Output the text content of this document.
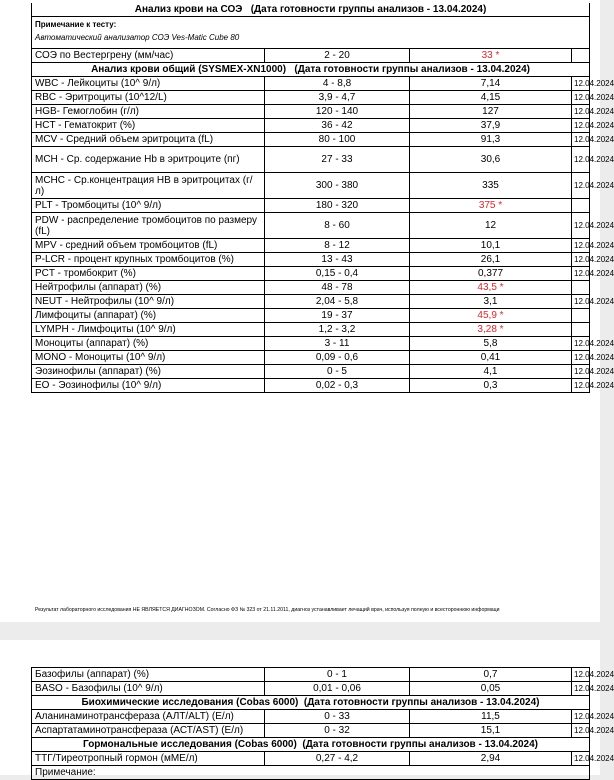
Анализ крови на СОЭ (Дата готовности группы анализов - 13.04.2024)			

Примечание к тесту:
Автоматический анализатор СОЭ Ves-Matic Cube 80			

СОЭ по Вестергрену (мм/час)	2 - 20	33 *	
Анализ крови общий (SYSMEX-XN1000) (Дата готовности группы анализов - 13.04.2024)			
WBC - Лейкоциты (10^ 9/л)	4 - 8,8	7,14	12.04.2024
RBC - Эритроциты (10^12/L)	3,9 - 4,7	4,15	12.04.2024
HGB- Гемоглобин (г/л)	120 - 140	127	12.04.2024
HCT - Гематокрит (%)	36 - 42	37,9	12.04.2024
MCV - Средний объем эритроцита (fL)	80 - 100	91,3	12.04.2024
MCH - Ср. содержание Hb в эритроците (пг)	27 - 33	30,6	12.04.2024
MCHC - Ср.концентрация HB в эритроцитах (г/л)	300 - 380	335	12.04.2024
PLT - Тромбоциты (10^ 9/л)	180 - 320	375 *	
PDW - распределение тромбоцитов по размеру (fL)	8 - 60	12	12.04.2024
MPV - средний объем тромбоцитов (fL)	8 - 12	10,1	12.04.2024
P-LCR - процент крупных тромбоцитов (%)	13 - 43	26,1	12.04.2024
PCT - тромбокрит (%)	0,15 - 0,4	0,377	12.04.2024
Нейтрофилы (аппарат) (%)	48 - 78	43,5 *	
NEUT - Нейтрофилы (10^ 9/л)	2,04 - 5,8	3,1	12.04.2024
Лимфоциты (аппарат) (%)	19 - 37	45,9 *	
LYMPH - Лимфоциты (10^ 9/л)	1,2 - 3,2	3,28 *	
Моноциты (аппарат) (%)	3 - 11	5,8	12.04.2024
MONO - Моноциты (10^ 9/л)	0,09 - 0,6	0,41	12.04.2024
Эозинофилы (аппарат) (%)	0 - 5	4,1	12.04.2024
EO - Эозинофилы (10^ 9/л)	0,02 - 0,3	0,3	12.04.2024
Результат лабораторного исследования НЕ ЯВЛЯЕТСЯ ДИАГНОЗОМ. Согласно ФЗ № 323 от 21.11.2011, диагноз устанавливает лечащий врач, используя полную и всестороннюю информаци
Базофилы (аппарат) (%)	0 - 1	0,7	12.04.2024
BASO - Базофилы (10^ 9/л)	0,01 - 0,06	0,05	12.04.2024
Биохимические исследования (Cobas 6000) (Дата готовности группы анализов - 13.04.2024)			
Аланинаминотрансфераза (АЛТ/ALT) (Е/л)	0 - 33	11,5	12.04.2024
Аспартатаминотрансфераза (АСТ/AST) (Е/л)	0 - 32	15,1	12.04.2024
Гормональные исследования (Cobas 6000) (Дата готовности группы анализов - 13.04.2024)			
ТТГ/Тиреотропный гормон (мМЕ/л)	0,27 - 4,2	2,94	12.04.2024
Примечание:			
